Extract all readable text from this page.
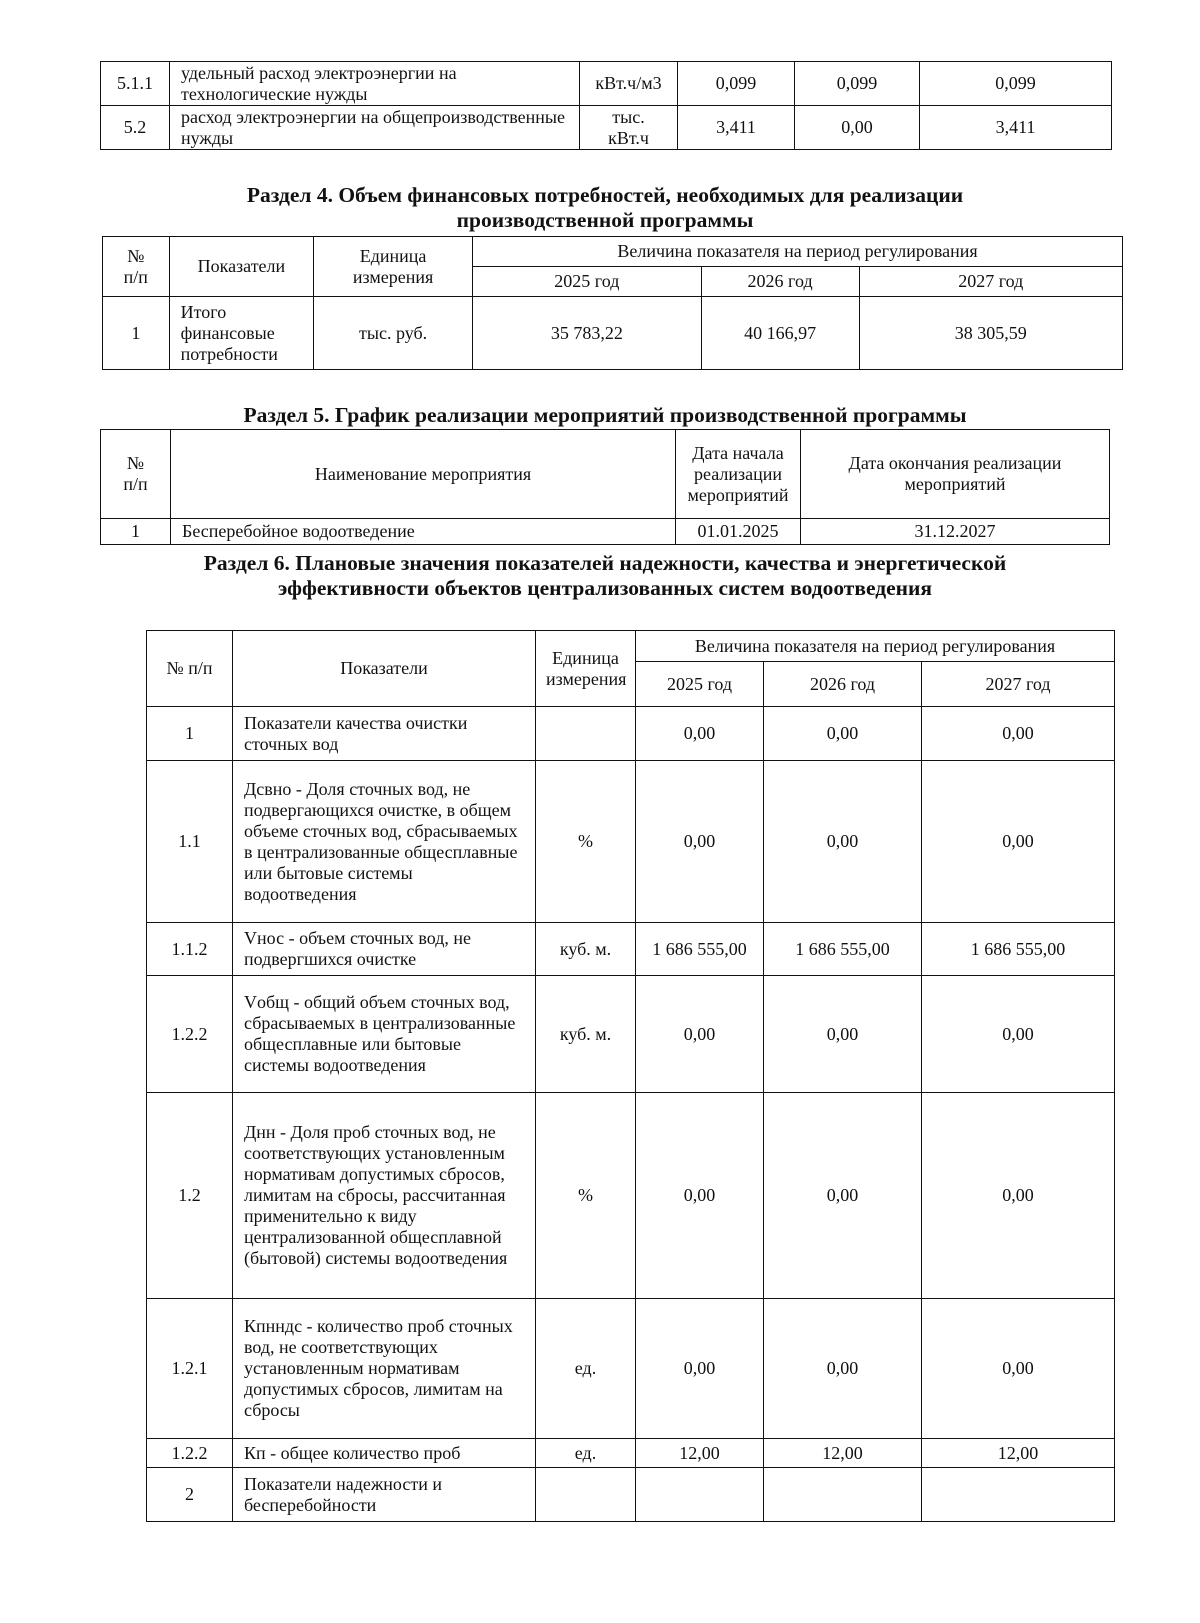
5.1.1	удельный расход электроэнергии на технологические нужды	кВт.ч/м3	0,099	0,099	0,099
5.2	расход электроэнергии на общепроизводственные нужды	тыс. кВт.ч	3,411	0,00	3,411
Раздел 4. Объем финансовых потребностей, необходимых для реализации
производственной программы
№ п/п	Показатели	Единица измерения	Величина показателя на период регулирования		
			2025 год	2026 год	2027 год
1	Итого финансовые потребности	тыс. руб.	35 783,22	40 166,97	38 305,59
Раздел 5. График реализации мероприятий производственной программы
№ п/п	Наименование мероприятия	Дата начала реализации мероприятий	Дата окончания реализации мероприятий
1	Бесперебойное водоотведение	01.01.2025	31.12.2027
Раздел 6. Плановые значения показателей надежности, качества и энергетической
эффективности объектов централизованных систем водоотведения
№ п/п	Показатели	Единица измерения	Величина показателя на период регулирования		
			2025 год	2026 год	2027 год
1	Показатели качества очистки сточных вод		0,00	0,00	0,00
1.1	Дсвно - Доля сточных вод, не подвергающихся очистке, в общем объеме сточных вод, сбрасываемых в централизованные общесплавные или бытовые системы водоотведения	%	0,00	0,00	0,00
1.1.2	Vнос - объем сточных вод, не подвергшихся очистке	куб. м.	1 686 555,00	1 686 555,00	1 686 555,00
1.2.2	Vобщ - общий объем сточных вод, сбрасываемых в централизованные общесплавные или бытовые системы водоотведения	куб. м.	0,00	0,00	0,00
1.2	Днн - Доля проб сточных вод, не соответствующих установленным нормативам допустимых сбросов, лимитам на сбросы, рассчитанная применительно к виду централизованной общесплавной (бытовой) системы водоотведения	%	0,00	0,00	0,00
1.2.1	Кпнндс - количество проб сточных вод, не соответствующих установленным нормативам допустимых сбросов, лимитам на сбросы	ед.	0,00	0,00	0,00
1.2.2	Кп - общее количество проб	ед.	12,00	12,00	12,00
2	Показатели надежности и бесперебойности				
